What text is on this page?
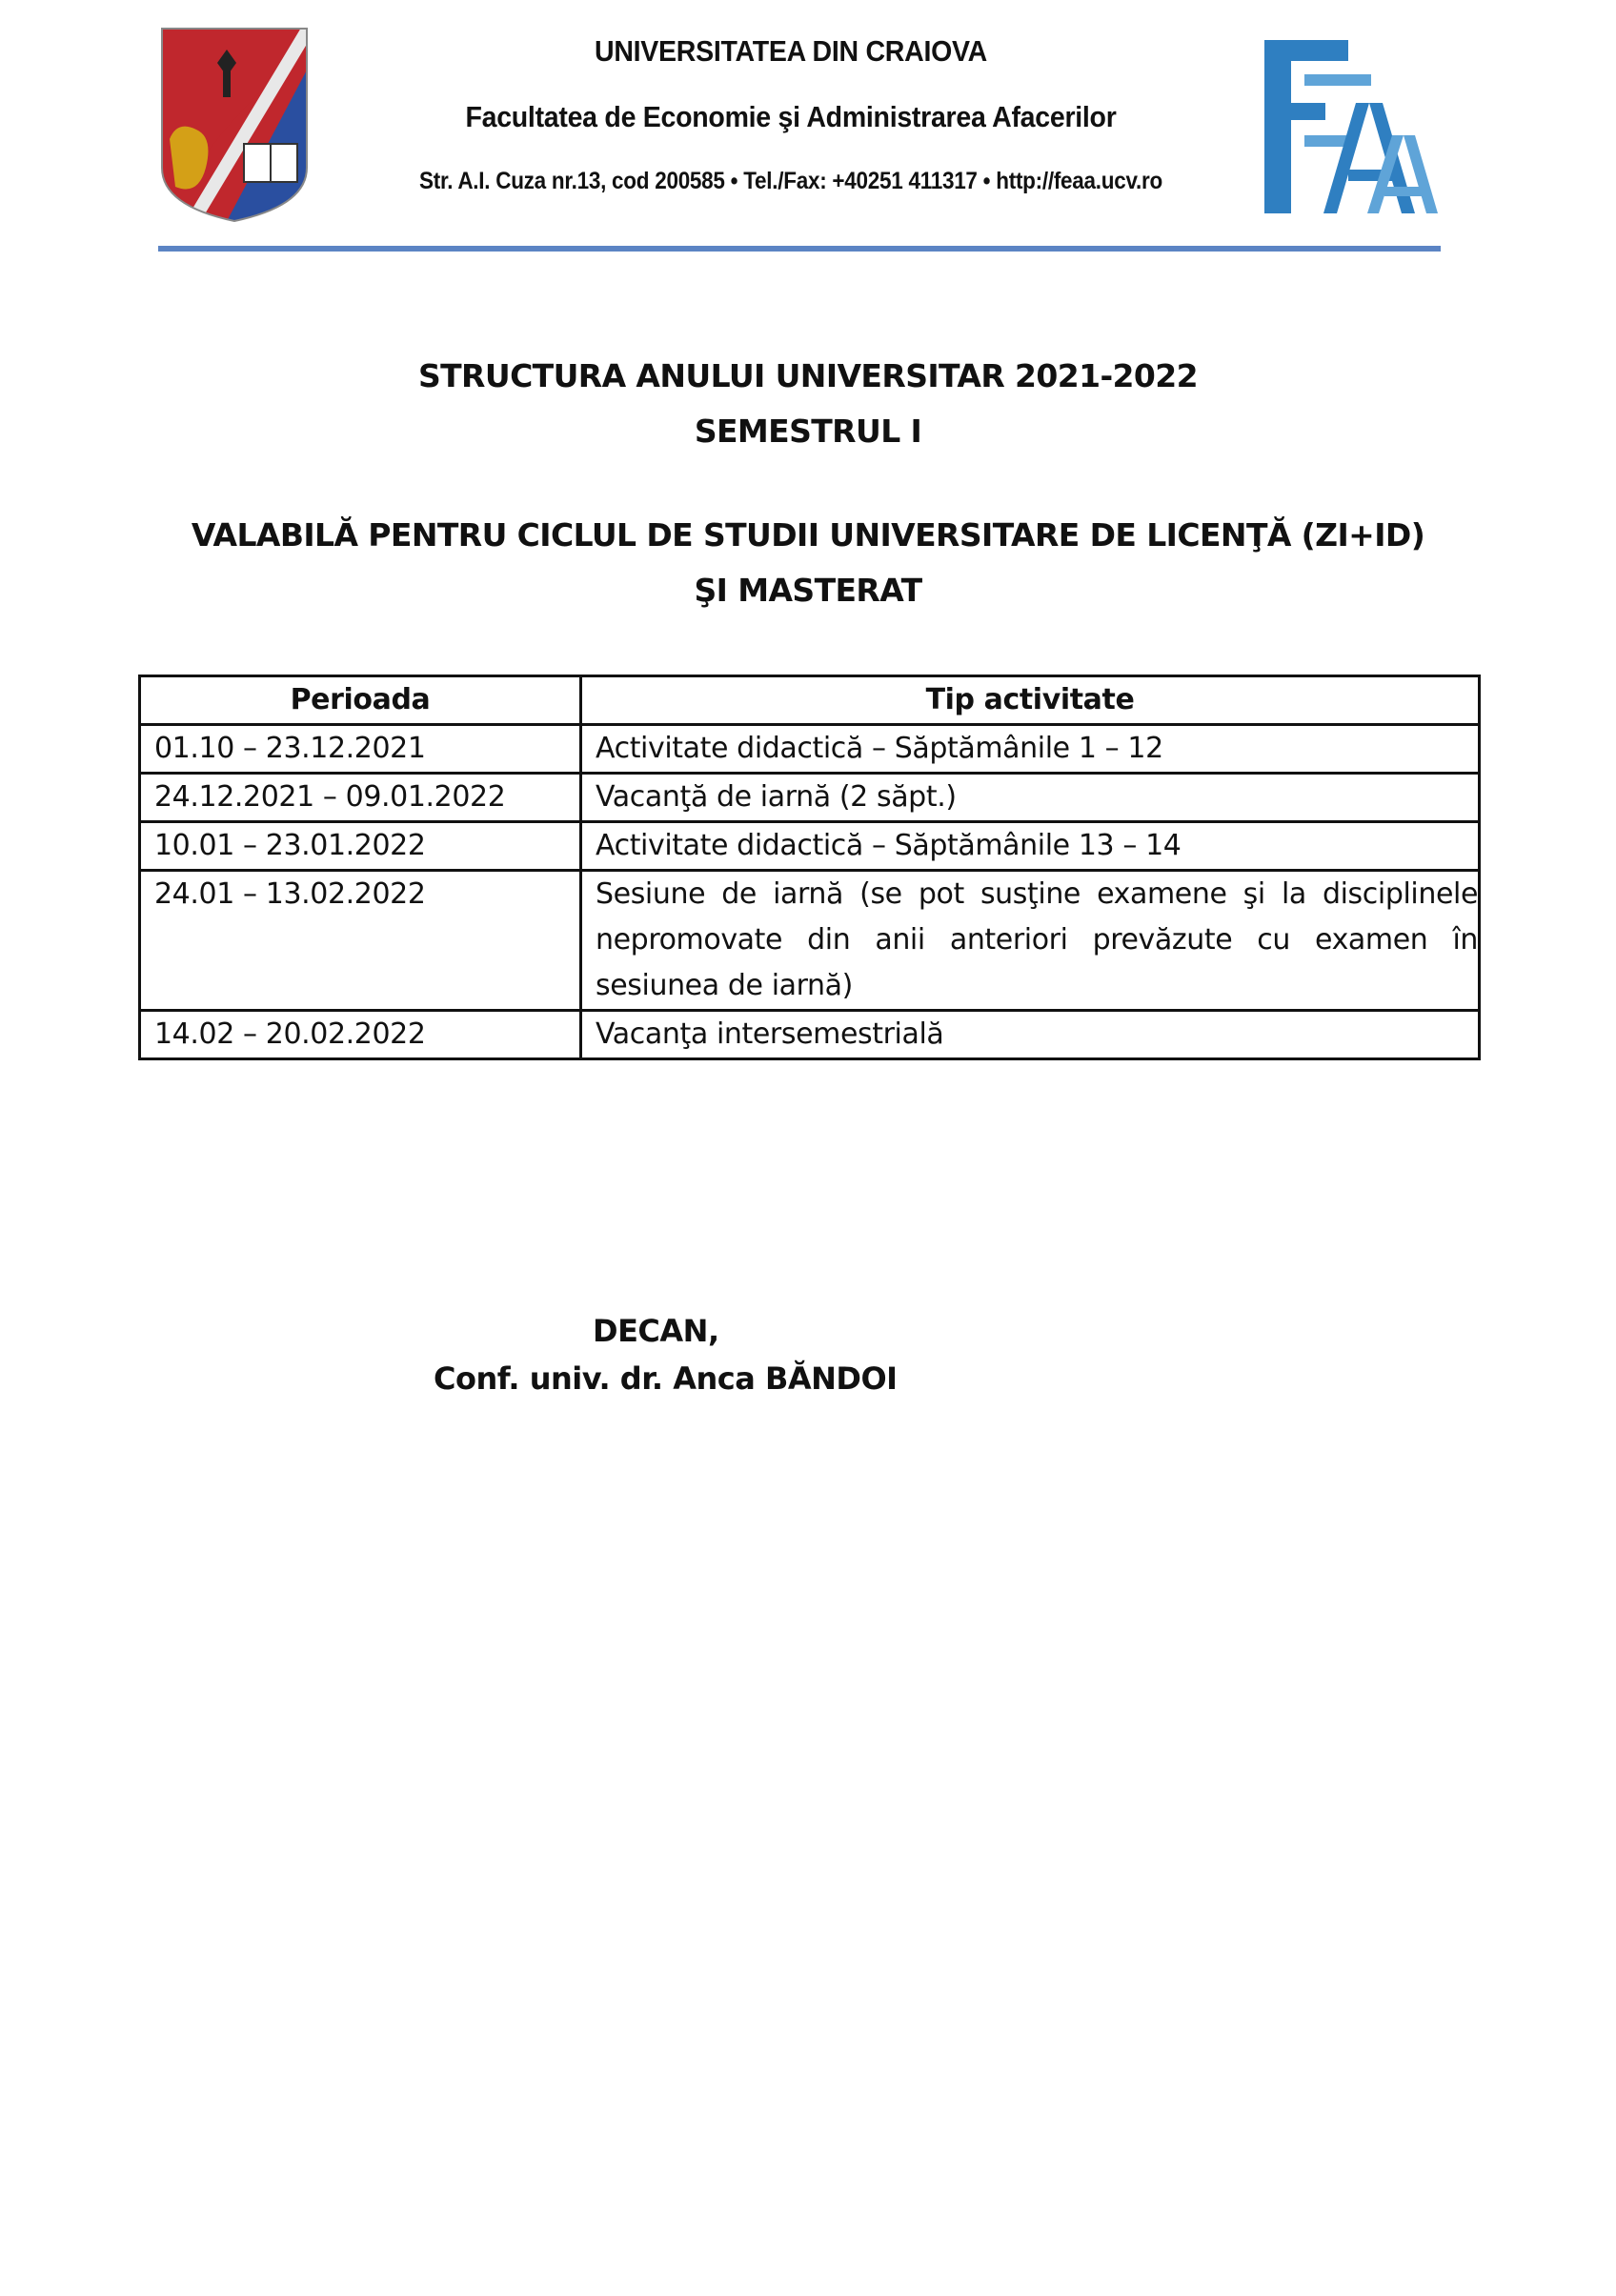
UNIVERSITATEA DIN CRAIOVA
Facultatea de Economie şi Administrarea Afacerilor
Str. A.I. Cuza nr.13, cod 200585 • Tel./Fax: +40251 411317 • http://feaa.ucv.ro
STRUCTURA ANULUI UNIVERSITAR 2021-2022
SEMESTRUL I
VALABILĂ PENTRU CICLUL DE STUDII UNIVERSITARE DE LICENŢĂ (ZI+ID)
ŞI MASTERAT
Perioada	Tip activitate
01.10 – 23.12.2021	Activitate didactică – Săptămânile 1 – 12
24.12.2021 – 09.01.2022	Vacanţă de iarnă (2 săpt.)
10.01 – 23.01.2022	Activitate didactică – Săptămânile 13 – 14
24.01 – 13.02.2022	Sesiune de iarnă (se pot susţine examene şi la disciplinele nepromovate din anii anteriori prevăzute cu examen în sesiunea de iarnă)
14.02 – 20.02.2022	Vacanţa intersemestrială
DECAN,
Conf. univ. dr. Anca BĂNDOI
